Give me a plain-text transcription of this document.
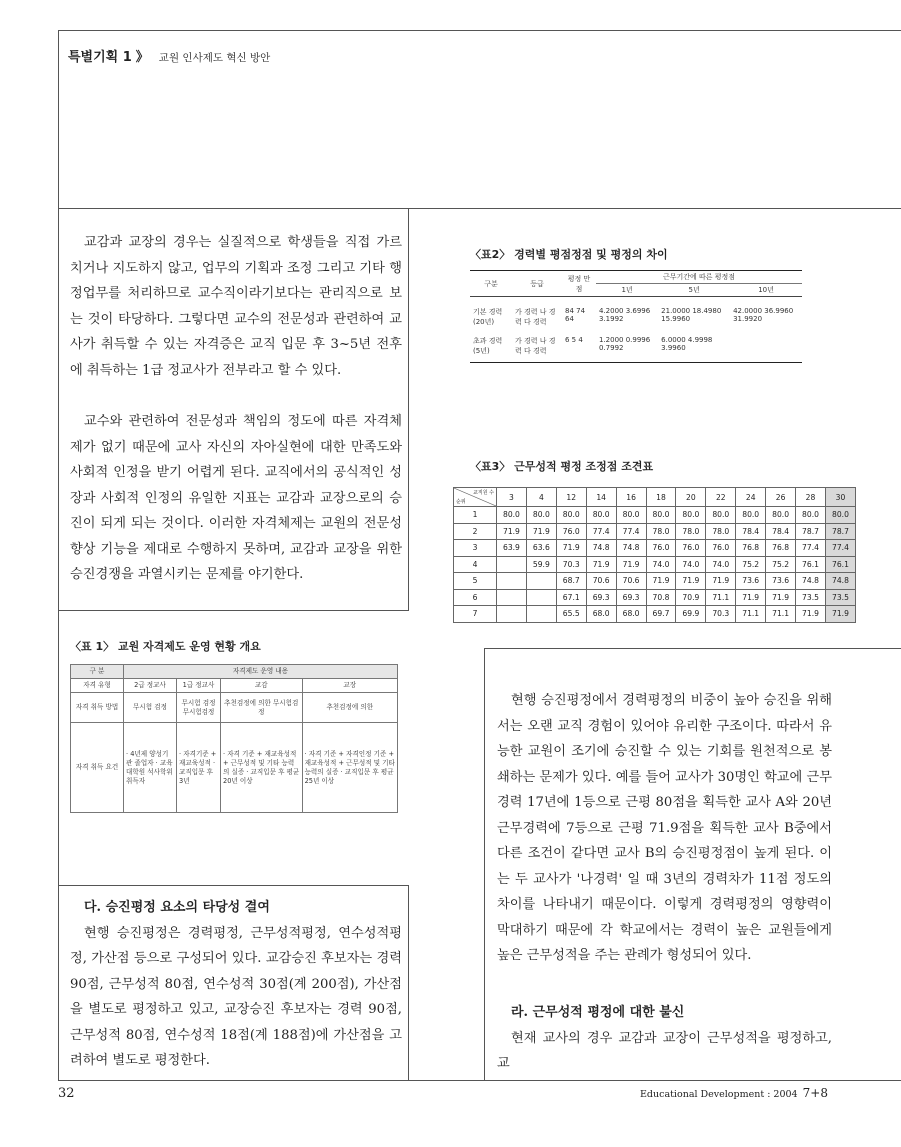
특별기획 1 》 교원 인사제도 혁신 방안

교감과 교장의 경우는 실질적으로 학생들을 직접 가르치거나 지도하지 않고, 업무의 기획과 조정 그리고 기타 행정업무를 처리하므로 교수직이라기보다는 관리직으로 보는 것이 타당하다. 그렇다면 교수의 전문성과 관련하여 교사가 취득할 수 있는 자격증은 교직 입문 후 3~5년 전후에 취득하는 1급 정교사가 전부라고 할 수 있다.

교수와 관련하여 전문성과 책임의 정도에 따른 자격체제가 없기 때문에 교사 자신의 자아실현에 대한 만족도와 사회적 인정을 받기 어렵게 된다. 교직에서의 공식적인 성장과 사회적 인정의 유일한 지표는 교감과 교장으로의 승진이 되게 되는 것이다. 이러한 자격체제는 교원의 전문성 향상 기능을 제대로 수행하지 못하며, 교감과 교장을 위한 승진경쟁을 과열시키는 문제를 야기한다.

〈표 1〉 교원 자격제도 운영 현황 개요
구 분	자격제도 운영 내용			
자격 유형	2급 정교사	1급 정교사	교감	교장
자격 취득 방법	무시험 검정	무시험 검정 무시험검정	추천검정에 의한 무시험검정	추천검정에 의한
자격 취득 요건	· 4년제 양성기관 졸업자 · 교육대학원 석사학위 취득자	· 자격기준 + 재교육성적 · 교직입문 후 3년	· 자격 기준 + 재교육성적 + 근무성적 및 기타 능력의 실증 · 교직입문 후 평균 20년 이상	· 자격 기준 + 자격인정 기준 + 재교육성적 + 근무성적 및 기타 능력의 실증 · 교직입문 후 평균 25년 이상
다. 승진평정 요소의 타당성 결여

현행 승진평정은 경력평정, 근무성적평정, 연수성적평정, 가산점 등으로 구성되어 있다. 교감승진 후보자는 경력 90점, 근무성적 80점, 연수성적 30점(계 200점), 가산점을 별도로 평정하고 있고, 교장승진 후보자는 경력 90점, 근무성적 80점, 연수성적 18점(계 188점)에 가산점을 고려하여 별도로 평정한다.

〈표2〉 경력별 평점정점 및 평정의 차이
구분	등급	평정 만점	근무기간에 따른 평정점		
			1년	5년	10년
기본 경력 (20년)	가 경력 나 경력 다 경력	84 74 64	4.2000 3.6996 3.1992	21.0000 18.4980 15.9960	42.0000 36.9960 31.9920
초과 경력 (5년)	가 경력 나 경력 다 경력	6 5 4	1.2000 0.9996 0.7992	6.0000 4.9998 3.9960	
〈표3〉 근무성적 평정 조정점 조견표
교직원 수
순위	3	4	12	14	16	18	20	22	24	26	28	30
1	80.0	80.0	80.0	80.0	80.0	80.0	80.0	80.0	80.0	80.0	80.0	80.0
2	71.9	71.9	76.0	77.4	77.4	78.0	78.0	78.0	78.4	78.4	78.7	78.7
3	63.9	63.6	71.9	74.8	74.8	76.0	76.0	76.0	76.8	76.8	77.4	77.4
4		59.9	70.3	71.9	71.9	74.0	74.0	74.0	75.2	75.2	76.1	76.1
5			68.7	70.6	70.6	71.9	71.9	71.9	73.6	73.6	74.8	74.8
6			67.1	69.3	69.3	70.8	70.9	71.1	71.9	71.9	73.5	73.5
7			65.5	68.0	68.0	69.7	69.9	70.3	71.1	71.1	71.9	71.9

현행 승진평정에서 경력평정의 비중이 높아 승진을 위해서는 오랜 교직 경험이 있어야 유리한 구조이다. 따라서 유능한 교원이 조기에 승진할 수 있는 기회를 원천적으로 봉쇄하는 문제가 있다. 예를 들어 교사가 30명인 학교에 근무경력 17년에 1등으로 근평 80점을 획득한 교사 A와 20년 근무경력에 7등으로 근평 71.9점을 획득한 교사 B중에서 다른 조건이 같다면 교사 B의 승진평정점이 높게 된다. 이는 두 교사가 '나경력' 일 때 3년의 경력차가 11점 정도의 차이를 나타내기 때문이다. 이렇게 경력평정의 영향력이 막대하기 때문에 각 학교에서는 경력이 높은 교원들에게 높은 근무성적을 주는 관례가 형성되어 있다.

라. 근무성적 평정에 대한 불신

현재 교사의 경우 교감과 교장이 근무성적을 평정하고, 교

32	Educational Development : 2004 7+8
